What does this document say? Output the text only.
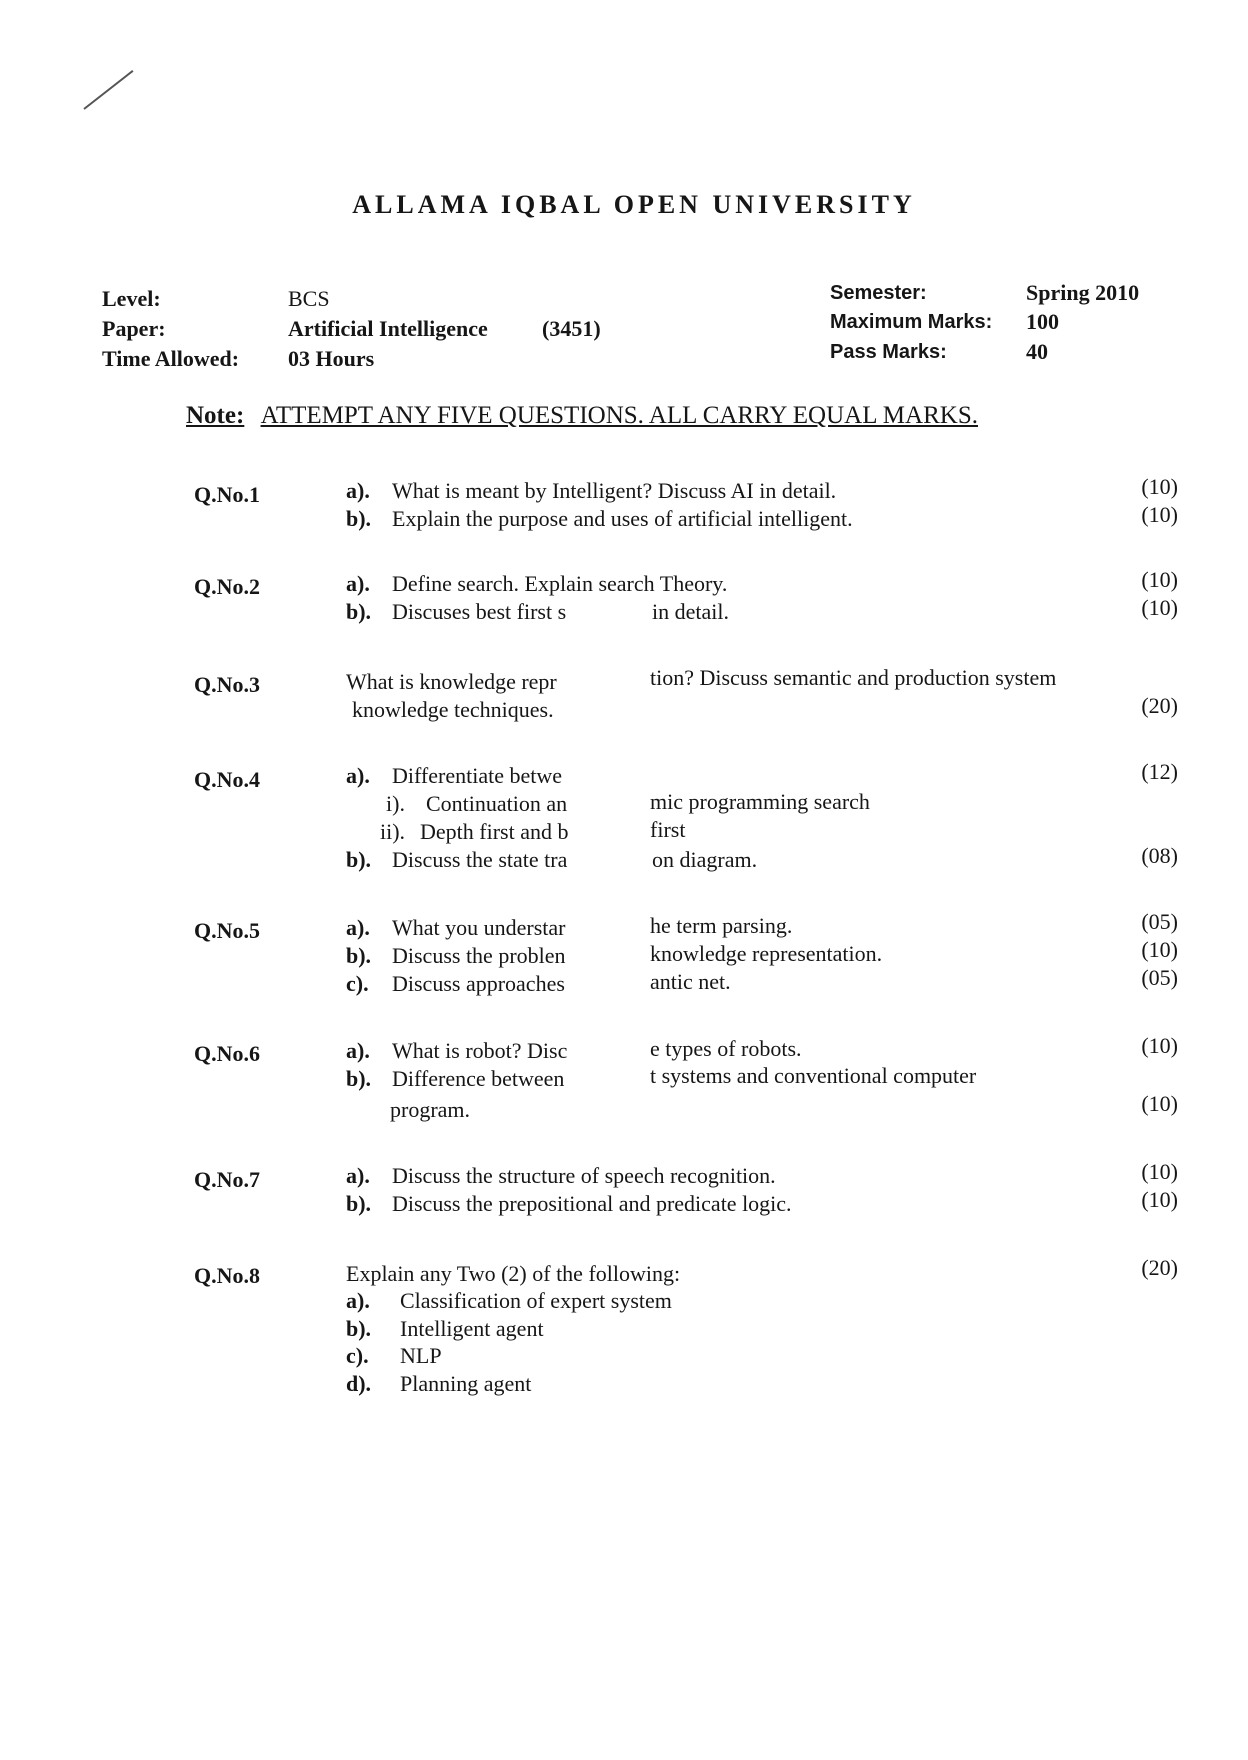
ALLAMA IQBAL OPEN UNIVERSITY
Level:	BCS
Paper:	Artificial Intelligence (3451)
Time Allowed: 03 Hours
Semester:	Spring 2010
Maximum Marks: 100
Pass Marks:	40
Note: ATTEMPT ANY FIVE QUESTIONS. ALL CARRY EQUAL MARKS.
Q.No.1	a). What is meant by Intelligent? Discuss AI in detail.	(10)
b). Explain the purpose and uses of artificial intelligent.	(10)
Q.No.2	a). Define search. Explain search Theory.	(10)
b). Discuses best first s	in detail.	(10)
Q.No.3	What is knowledge repr	tion? Discuss semantic and production system
knowledge techniques.	(20)
Q.No.4	a). Differentiate betwe	(12)
i). Continuation an	mic programming search
ii). Depth first and b	first
b). Discuss the state tra	on diagram.	(08)
Q.No.5	a). What you understar	he term parsing.	(05)
b). Discuss the problen	knowledge representation.	(10)
c). Discuss approaches	antic net.	(05)
Q.No.6	a). What is robot? Disc	e types of robots.	(10)
b). Difference between	t systems and conventional computer
program.	(10)
Q.No.7	a). Discuss the structure of speech recognition.	(10)
b). Discuss the prepositional and predicate logic.	(10)
Q.No.8	Explain any Two (2) of the following:	(20)
a). Classification of expert system
b). Intelligent agent
c). NLP
d). Planning agent
